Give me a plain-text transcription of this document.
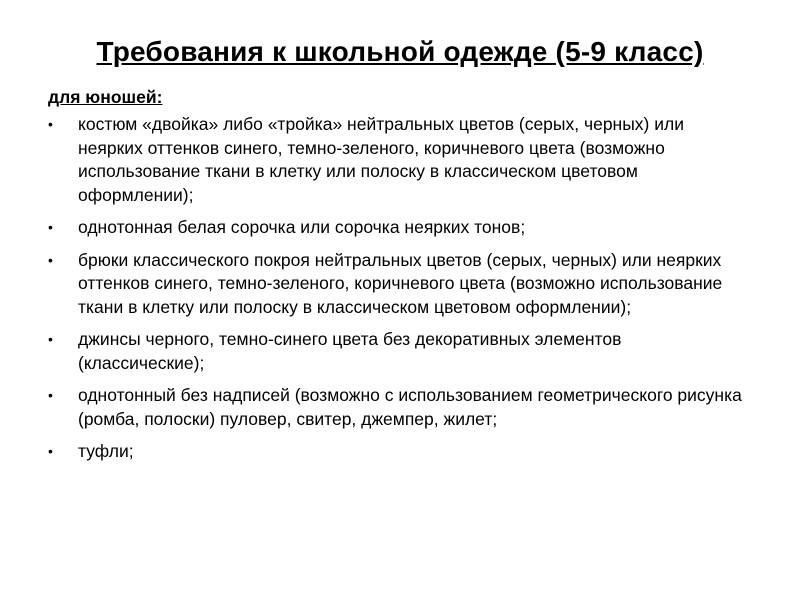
Требования к школьной одежде (5-9 класс)
для юношей:
•	костюм «двойка» либо «тройка» нейтральных цветов (серых, черных) или неярких оттенков синего, темно-зеленого, коричневого цвета (возможно использование ткани в клетку или полоску в классическом цветовом оформлении);
•	однотонная белая сорочка или сорочка неярких тонов;
•	брюки классического покроя нейтральных цветов (серых, черных) или неярких оттенков синего, темно-зеленого, коричневого цвета (возможно использование ткани в клетку или полоску в классическом цветовом оформлении);
•	джинсы черного, темно-синего цвета без декоративных элементов (классические);
•	однотонный без надписей (возможно с использованием геометрического рисунка (ромба, полоски) пуловер, свитер, джемпер, жилет;
•	туфли;
